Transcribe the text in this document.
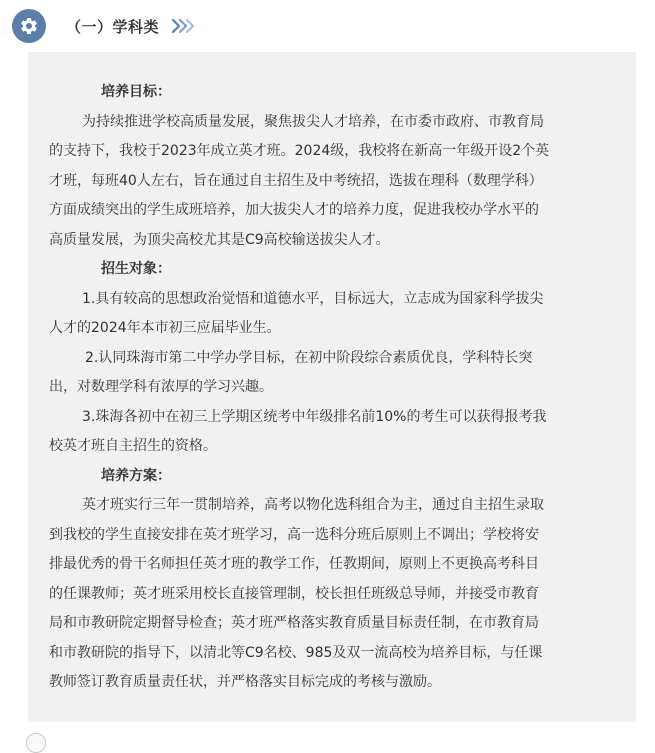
（一）学科类
培养目标：
为持续推进学校高质量发展，聚焦拔尖人才培养，在市委市政府、市教育局
的支持下，我校于2023年成立英才班。2024级，我校将在新高一年级开设2个英
才班，每班40人左右，旨在通过自主招生及中考统招，选拔在理科（数理学科）
方面成绩突出的学生成班培养，加大拔尖人才的培养力度，促进我校办学水平的
高质量发展，为顶尖高校尤其是C9高校输送拔尖人才。
招生对象：
1.具有较高的思想政治觉悟和道德水平，目标远大，立志成为国家科学拔尖
人才的2024年本市初三应届毕业生。
2.认同珠海市第二中学办学目标，在初中阶段综合素质优良，学科特长突
出，对数理学科有浓厚的学习兴趣。
3.珠海各初中在初三上学期区统考中年级排名前10%的考生可以获得报考我
校英才班自主招生的资格。
培养方案：
英才班实行三年一贯制培养，高考以物化选科组合为主，通过自主招生录取
到我校的学生直接安排在英才班学习，高一选科分班后原则上不调出；学校将安
排最优秀的骨干名师担任英才班的教学工作，任教期间，原则上不更换高考科目
的任课教师；英才班采用校长直接管理制，校长担任班级总导师，并接受市教育
局和市教研院定期督导检查；英才班严格落实教育质量目标责任制，在市教育局
和市教研院的指导下，以清北等C9名校、985及双一流高校为培养目标，与任课
教师签订教育质量责任状，并严格落实目标完成的考核与激励。
